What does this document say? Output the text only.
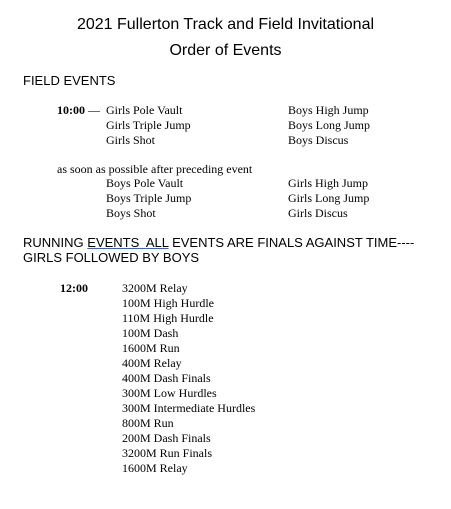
2021 Fullerton Track and Field Invitational
Order of Events
FIELD EVENTS
10:00 — Girls Pole Vault
Girls Triple Jump
Girls Shot
Boys High Jump
Boys Long Jump
Boys Discus
as soon as possible after preceding event
Boys Pole Vault
Boys Triple Jump
Boys Shot
Girls High Jump
Girls Long Jump
Girls Discus
RUNNING EVENTS ALL EVENTS ARE FINALS AGAINST TIME----
GIRLS FOLLOWED BY BOYS
12:00	3200M Relay
100M High Hurdle
110M High Hurdle
100M Dash
1600M Run
400M Relay
400M Dash Finals
300M Low Hurdles
300M Intermediate Hurdles
800M Run
200M Dash Finals
3200M Run Finals
1600M Relay
